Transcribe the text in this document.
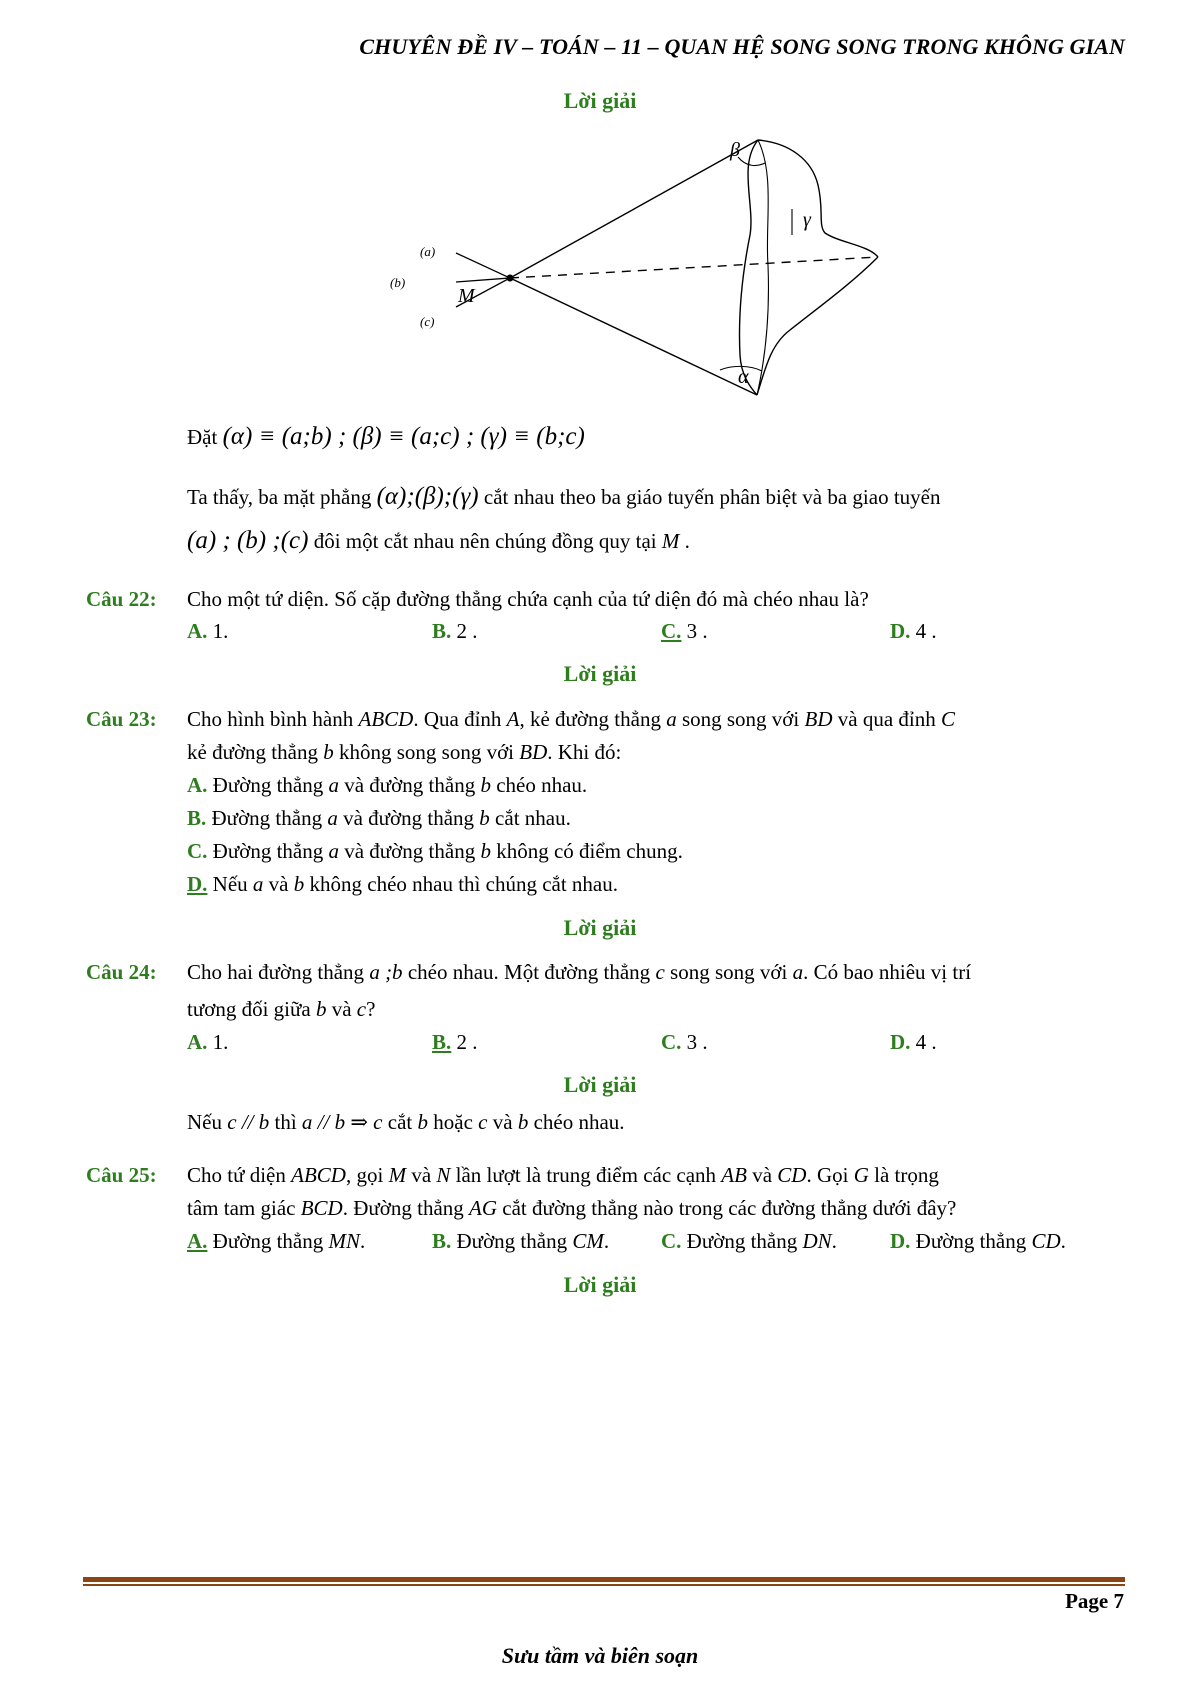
CHUYÊN ĐỀ IV – TOÁN – 11 – QUAN HỆ SONG SONG TRONG KHÔNG GIAN
Lời giải
(a)
(b)
(c)
M
β
γ
α
Đặt (α) ≡ (a;b) ; (β) ≡ (a;c) ; (γ) ≡ (b;c)
Ta thấy, ba mặt phẳng (α);(β);(γ) cắt nhau theo ba giáo tuyến phân biệt và ba giao tuyến
(a) ; (b) ;(c) đôi một cắt nhau nên chúng đồng quy tại M .
Câu 22: Cho một tứ diện. Số cặp đường thẳng chứa cạnh của tứ diện đó mà chéo nhau là?
A. 1.	B. 2 .	C. 3 .	D. 4 .
Lời giải
Câu 23: Cho hình bình hành ABCD. Qua đỉnh A, kẻ đường thẳng a song song với BD và qua đỉnh C
kẻ đường thẳng b không song song với BD. Khi đó:
A. Đường thẳng a và đường thẳng b chéo nhau.
B. Đường thẳng a và đường thẳng b cắt nhau.
C. Đường thẳng a và đường thẳng b không có điểm chung.
D. Nếu a và b không chéo nhau thì chúng cắt nhau.
Lời giải
Câu 24: Cho hai đường thẳng a ;b chéo nhau. Một đường thẳng c song song với a. Có bao nhiêu vị trí
tương đối giữa b và c?
A. 1.	B. 2 .	C. 3 .	D. 4 .
Lời giải
Nếu c // b thì a // b ⇒ c cắt b hoặc c và b chéo nhau.
Câu 25: Cho tứ diện ABCD, gọi M và N lần lượt là trung điểm các cạnh AB và CD. Gọi G là trọng
tâm tam giác BCD. Đường thẳng AG cắt đường thẳng nào trong các đường thẳng dưới đây?
A. Đường thẳng MN.	B. Đường thẳng CM. C. Đường thẳng DN.	D. Đường thẳng CD.
Lời giải
Page 7
Sưu tầm và biên soạn
